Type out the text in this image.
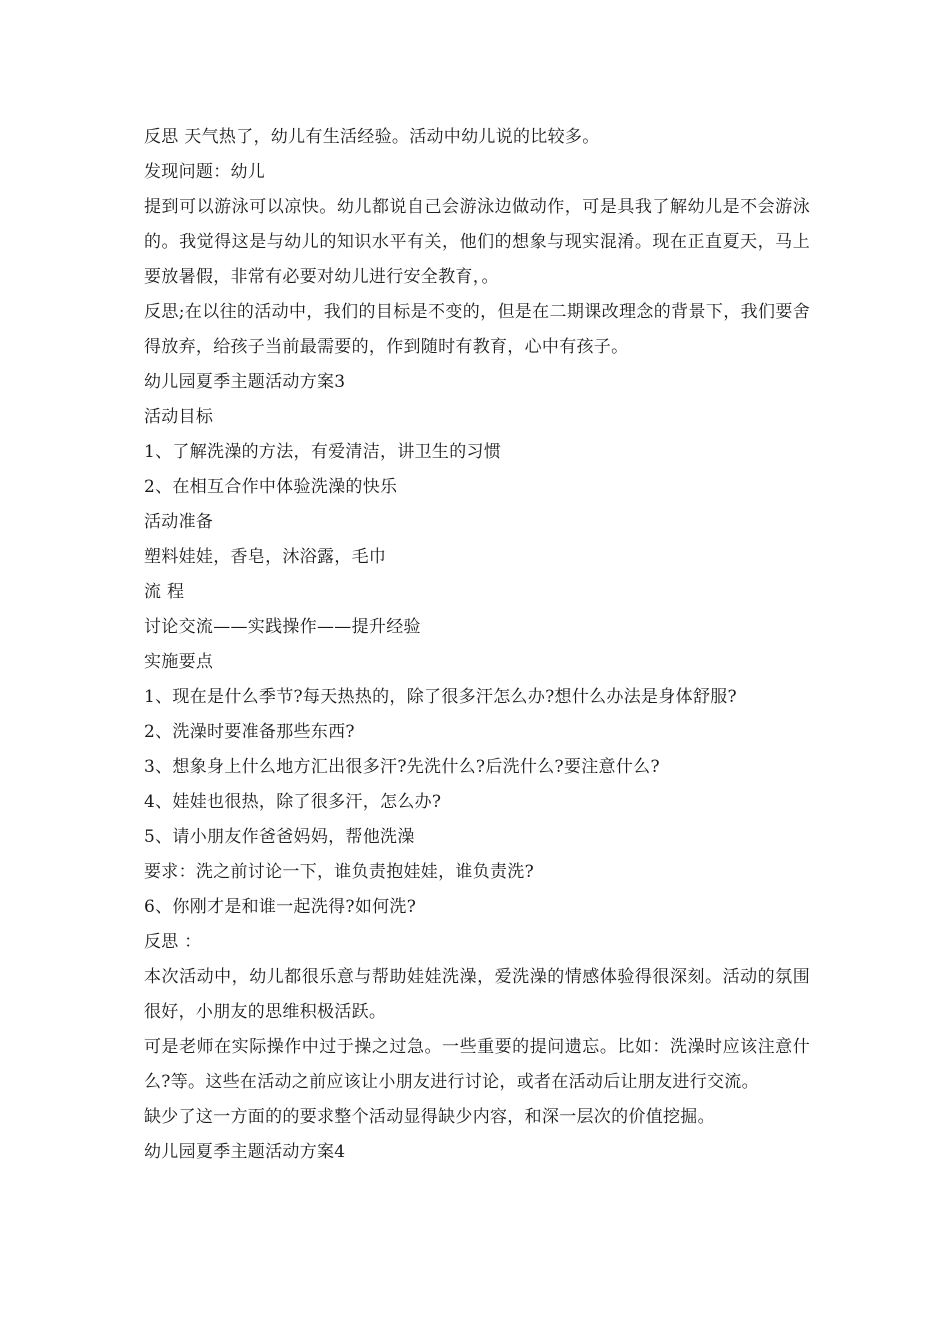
反思 天气热了，幼儿有生活经验。活动中幼儿说的比较多。
发现问题：幼儿

提到可以游泳可以凉快。幼儿都说自己会游泳边做动作，可是具我了解幼儿是不会游泳的。我觉得这是与幼儿的知识水平有关，他们的想象与现实混淆。现在正直夏天，马上要放暑假，非常有必要对幼儿进行安全教育，。

反思;在以往的活动中，我们的目标是不变的，但是在二期课改理念的背景下，我们要舍得放弃，给孩子当前最需要的，作到随时有教育，心中有孩子。

幼儿园夏季主题活动方案3
活动目标
1、了解洗澡的方法，有爱清洁，讲卫生的习惯
2、在相互合作中体验洗澡的快乐
活动准备
塑料娃娃，香皂，沐浴露，毛巾
流 程
讨论交流——实践操作——提升经验
实施要点
1、现在是什么季节?每天热热的，除了很多汗怎么办?想什么办法是身体舒服?
2、洗澡时要准备那些东西?
3、想象身上什么地方汇出很多汗?先洗什么?后洗什么?要注意什么?
4、娃娃也很热，除了很多汗，怎么办?
5、请小朋友作爸爸妈妈，帮他洗澡
要求：洗之前讨论一下，谁负责抱娃娃，谁负责洗?
6、你刚才是和谁一起洗得?如何洗?
反思 ：

本次活动中，幼儿都很乐意与帮助娃娃洗澡，爱洗澡的情感体验得很深刻。活动的氛围很好，小朋友的思维积极活跃。

可是老师在实际操作中过于操之过急。一些重要的提问遗忘。比如：洗澡时应该注意什么?等。这些在活动之前应该让小朋友进行讨论，或者在活动后让朋友进行交流。

缺少了这一方面的的要求整个活动显得缺少内容，和深一层次的价值挖掘。
幼儿园夏季主题活动方案4
